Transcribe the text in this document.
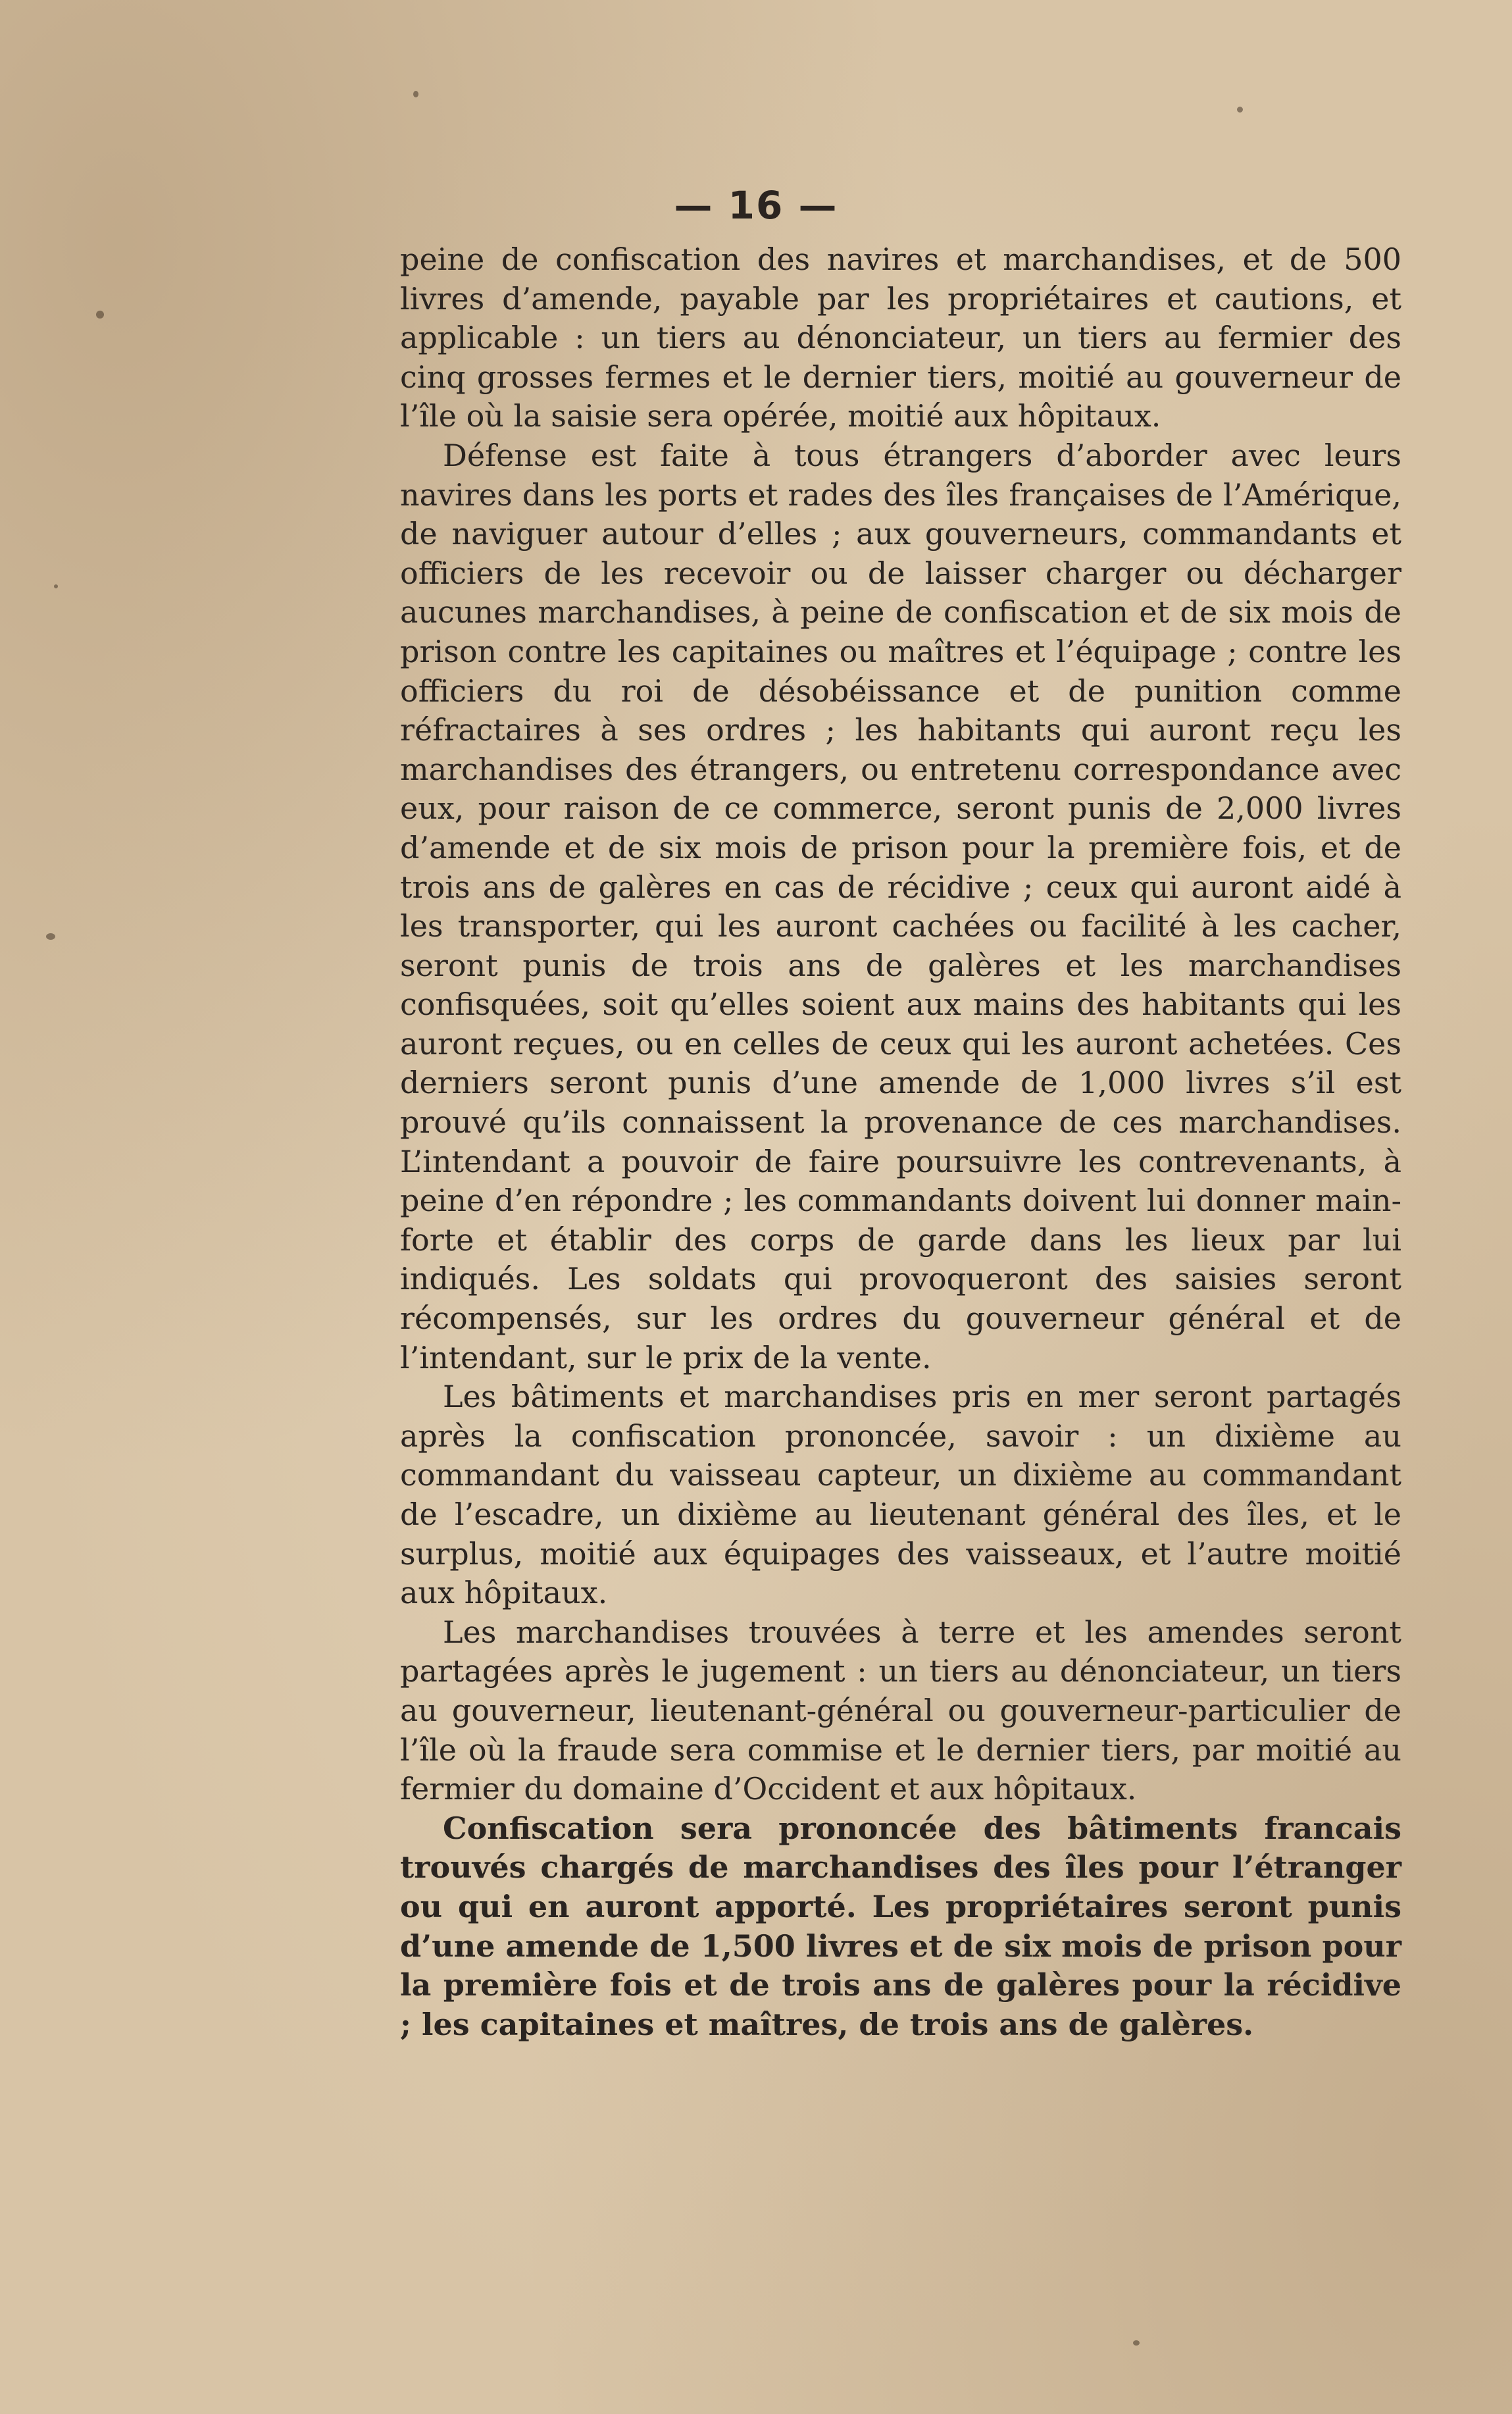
— 16 —

peine de confiscation des navires et marchandises, et de 500 livres d’amende, payable par les propriétaires et cautions, et applicable : un tiers au dénonciateur, un tiers au fermier des cinq grosses fermes et le dernier tiers, moitié au gouverneur de l’île où la saisie sera opérée, moitié aux hôpitaux.

Défense est faite à tous étrangers d’aborder avec leurs navires dans les ports et rades des îles françaises de l’Amérique, de naviguer autour d’elles ; aux gouverneurs, commandants et officiers de les recevoir ou de laisser charger ou décharger aucunes marchandises, à peine de confiscation et de six mois de prison contre les capitaines ou maîtres et l’équipage ; contre les officiers du roi de désobéissance et de punition comme réfractaires à ses ordres ; les habitants qui auront reçu les marchandises des étrangers, ou entretenu correspondance avec eux, pour raison de ce commerce, seront punis de 2,000 livres d’amende et de six mois de prison pour la première fois, et de trois ans de galères en cas de récidive ; ceux qui auront aidé à les transporter, qui les auront cachées ou facilité à les cacher, seront punis de trois ans de galères et les marchandises confisquées, soit qu’elles soient aux mains des habitants qui les auront reçues, ou en celles de ceux qui les auront achetées. Ces derniers seront punis d’une amende de 1,000 livres s’il est prouvé qu’ils connaissent la provenance de ces marchandises. L’intendant a pouvoir de faire poursuivre les contrevenants, à peine d’en répondre ; les commandants doivent lui donner main-forte et établir des corps de garde dans les lieux par lui indiqués. Les soldats qui provoqueront des saisies seront récompensés, sur les ordres du gouverneur général et de l’intendant, sur le prix de la vente.

Les bâtiments et marchandises pris en mer seront partagés après la confiscation prononcée, savoir : un dixième au commandant du vaisseau capteur, un dixième au commandant de l’escadre, un dixième au lieutenant général des îles, et le surplus, moitié aux équipages des vaisseaux, et l’autre moitié aux hôpitaux.

Les marchandises trouvées à terre et les amendes seront partagées après le jugement : un tiers au dénonciateur, un tiers au gouverneur, lieutenant-général ou gouverneur-particulier de l’île où la fraude sera commise et le dernier tiers, par moitié au fermier du domaine d’Occident et aux hôpitaux.

Confiscation sera prononcée des bâtiments francais trouvés chargés de marchandises des îles pour l’étranger ou qui en auront apporté. Les propriétaires seront punis d’une amende de 1,500 livres et de six mois de prison pour la première fois et de trois ans de galères pour la récidive ; les capitaines et maîtres, de trois ans de galères.
